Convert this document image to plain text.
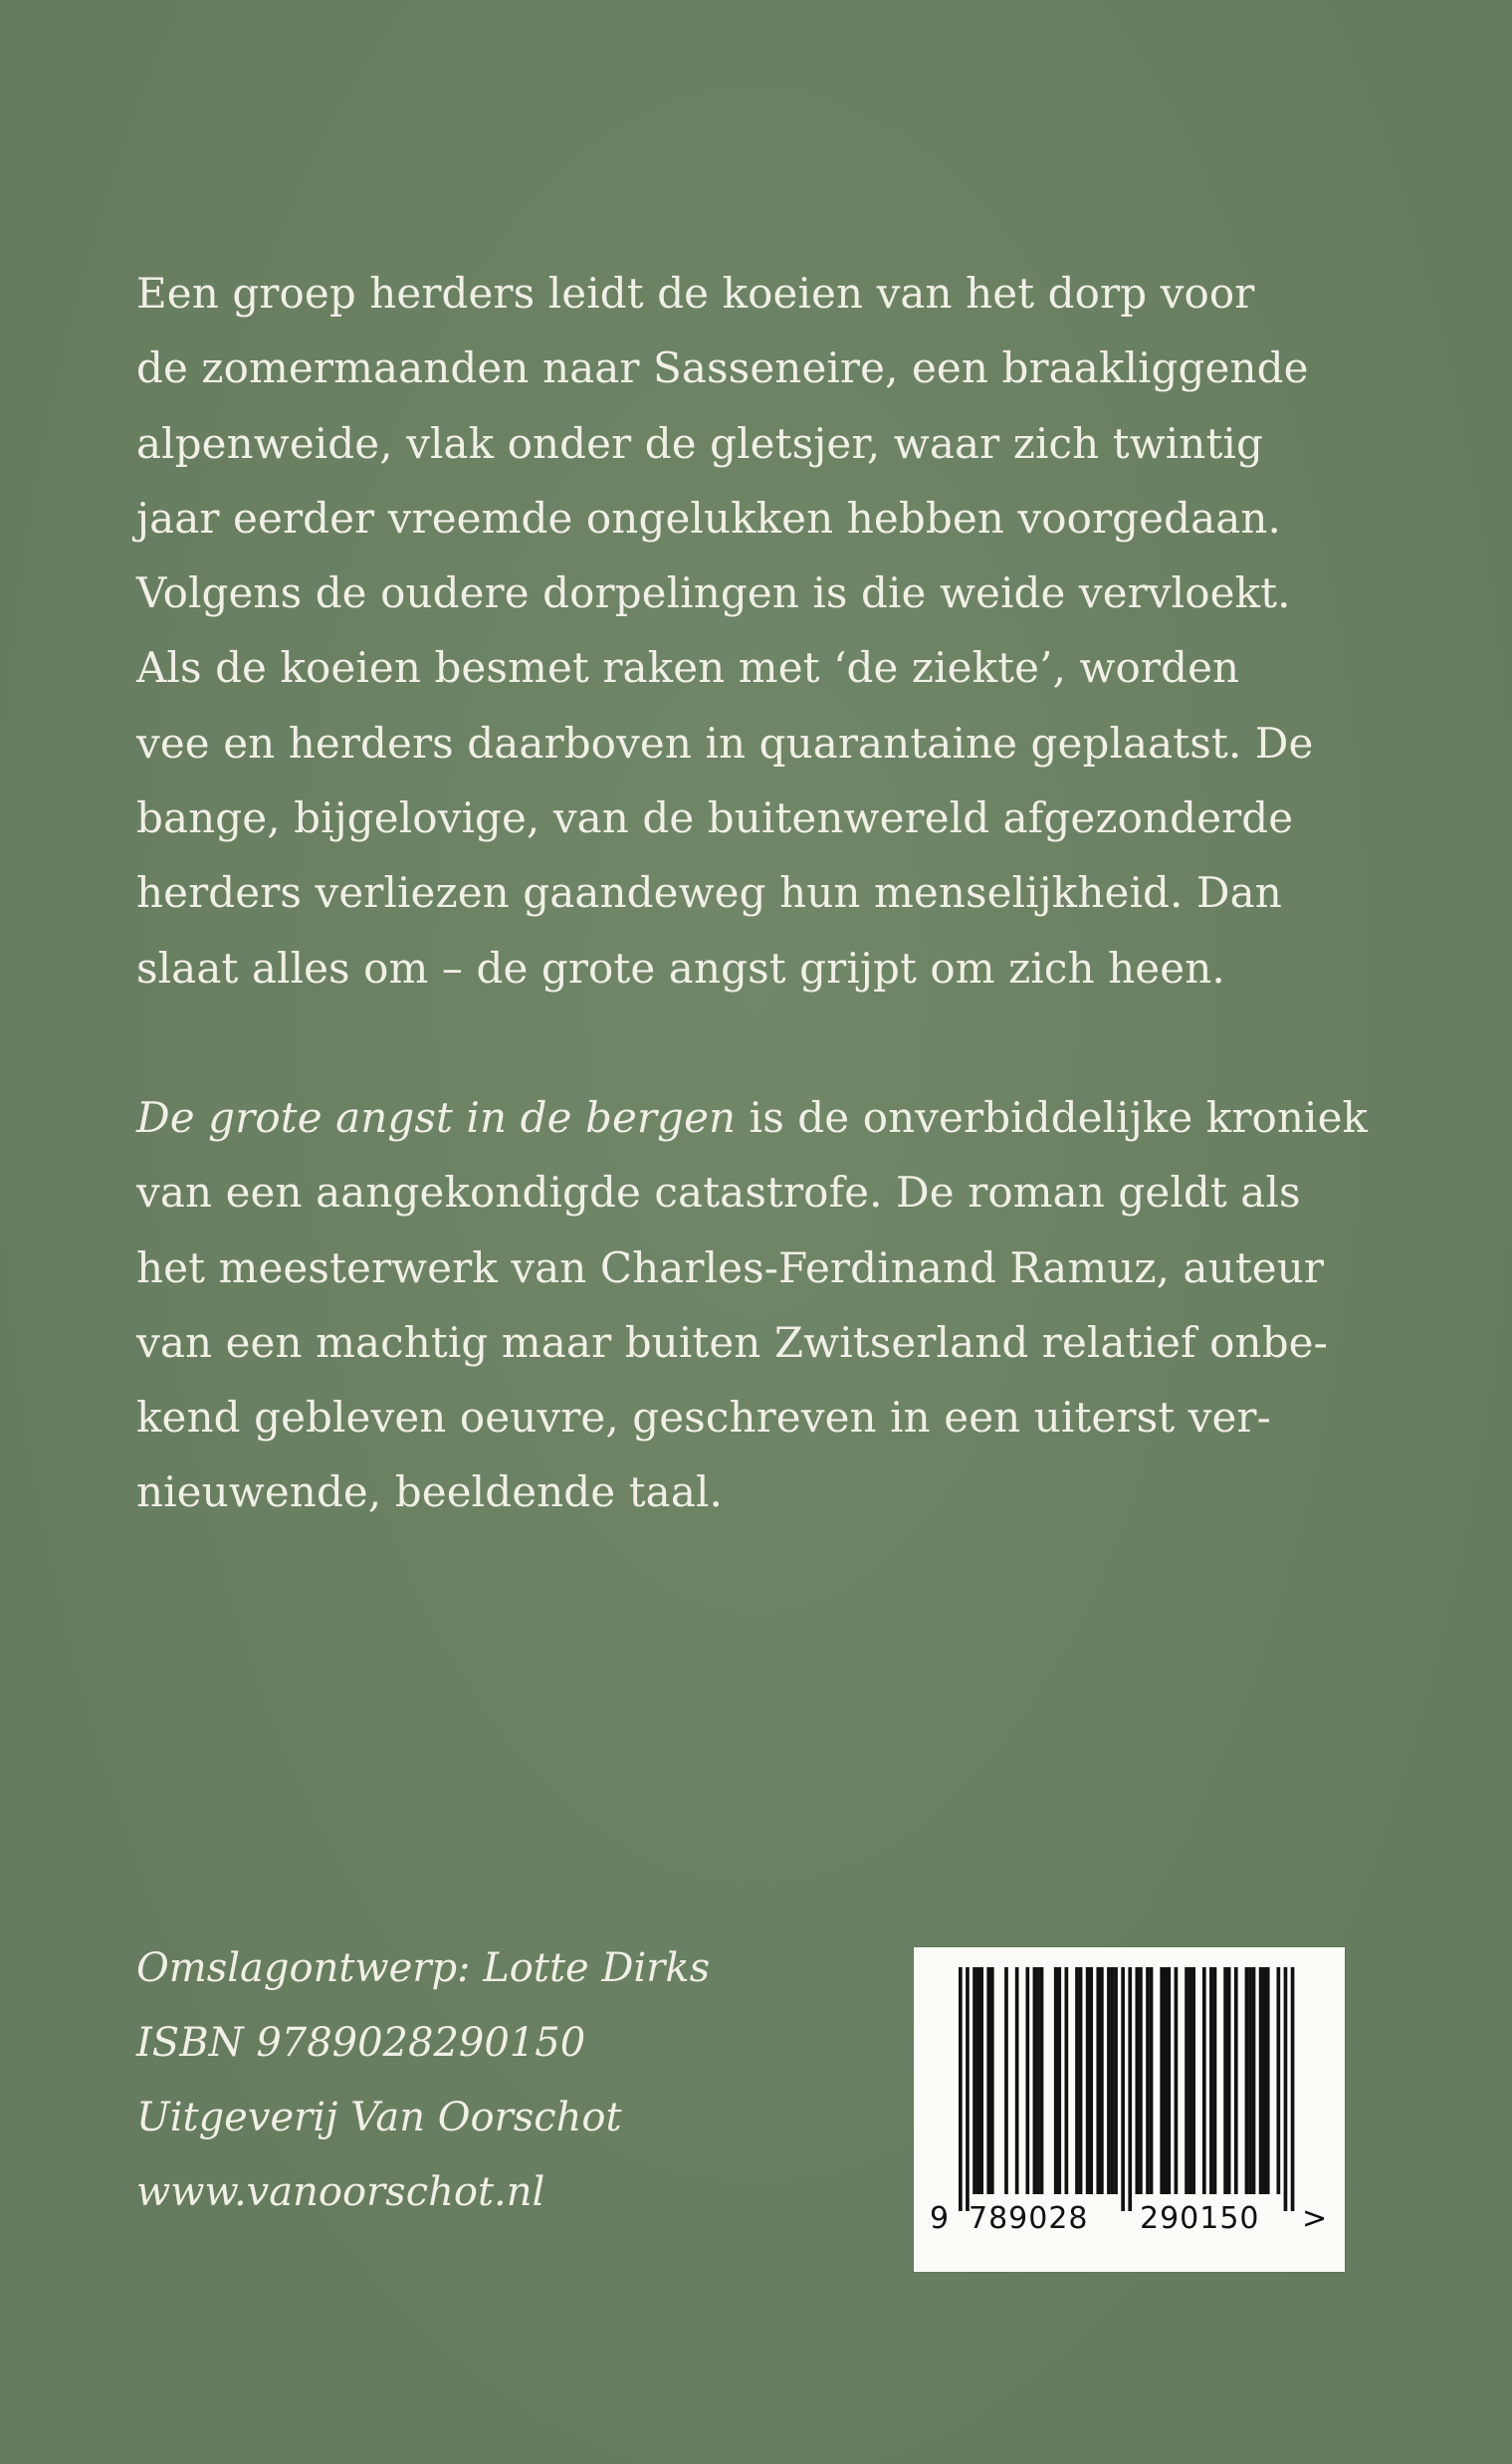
Een groep herders leidt de koeien van het dorp voor
de zomermaanden naar Sasseneire, een braakliggende
alpenweide, vlak onder de gletsjer, waar zich twintig
jaar eerder vreemde ongelukken hebben voorgedaan.
Volgens de oudere dorpelingen is die weide vervloekt.
Als de koeien besmet raken met ‘de ziekte’, worden
vee en herders daarboven in quarantaine geplaatst. De
bange, bijgelovige, van de buitenwereld afgezonderde
herders verliezen gaandeweg hun menselijkheid. Dan
slaat alles om – de grote angst grijpt om zich heen.
De grote angst in de bergen is de onverbiddelijke kroniek
van een aangekondigde catastrofe. De roman geldt als
het meesterwerk van Charles-Ferdinand Ramuz, auteur
van een machtig maar buiten Zwitserland relatief onbe-
kend gebleven oeuvre, geschreven in een uiterst ver-
nieuwende, beeldende taal.
Omslagontwerp: Lotte Dirks
ISBN 9789028290150
Uitgeverij Van Oorschot
www.vanoorschot.nl
9 789028 290150 >
